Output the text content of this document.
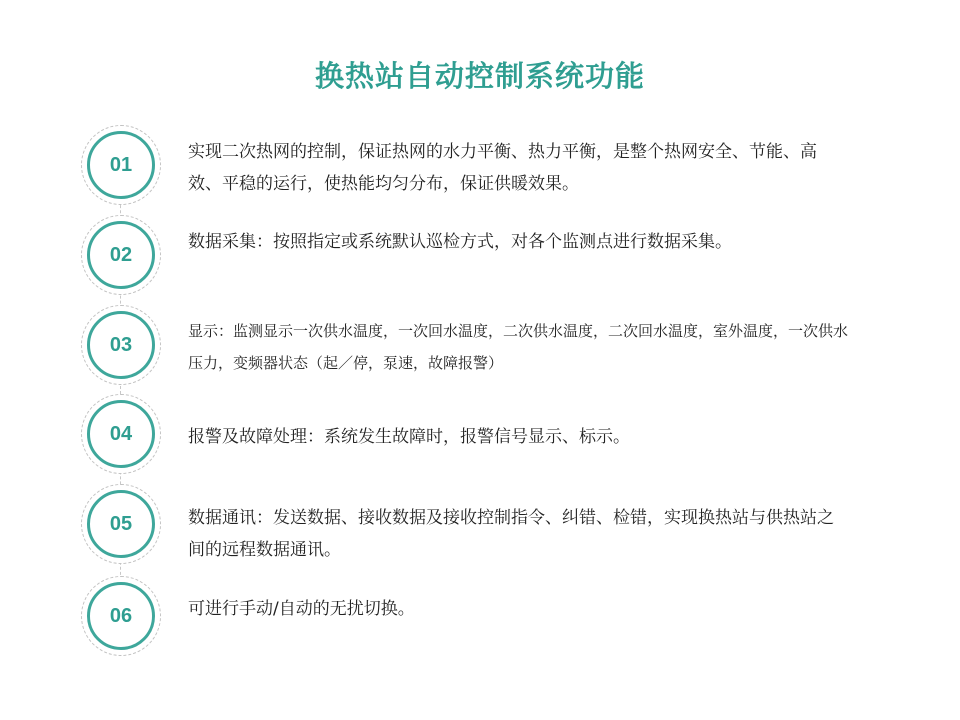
换热站自动控制系统功能
01
实现二次热网的控制，保证热网的水力平衡、热力平衡，是整个热网安全、节能、高效、平稳的运行，使热能均匀分布，保证供暖效果。
02
数据采集：按照指定或系统默认巡检方式，对各个监测点进行数据采集。
03
显示：监测显示一次供水温度，一次回水温度，二次供水温度，二次回水温度，室外温度，一次供水压力，变频器状态（起／停，泵速，故障报警）
04	报警及故障处理：系统发生故障时，报警信号显示、标示。
05	数据通讯：发送数据、接收数据及接收控制指令、纠错、检错，实现换热站与供热站之间的远程数据通讯。
06	可进行手动/自动的无扰切换。
